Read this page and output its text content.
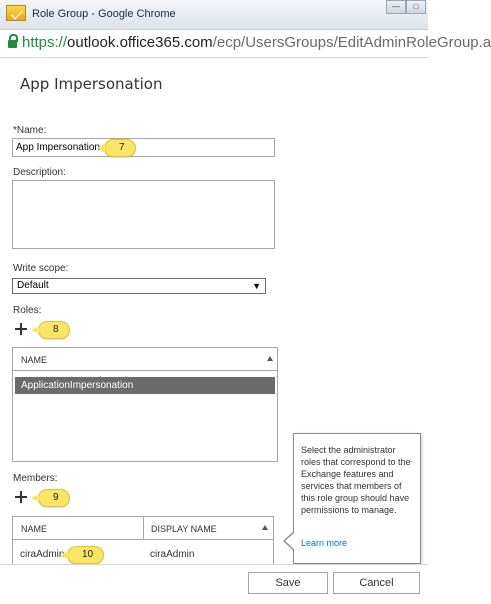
Role Group - Google Chrome
—	□
https://outlook.office365.com/ecp/UsersGroups/EditAdminRoleGroup.a
App Impersonation
*Name:
App Impersonation	7
Description:
Write scope:
Default	▼
Roles:
8
NAME
ApplicationImpersonation
Members:
9
NAME	DISPLAY NAME
ciraAdmin	ciraAdmin
10
Select the administrator roles that correspond to the Exchange features and services that members of this role group should have permissions to manage.
Learn more
Save	Cancel
